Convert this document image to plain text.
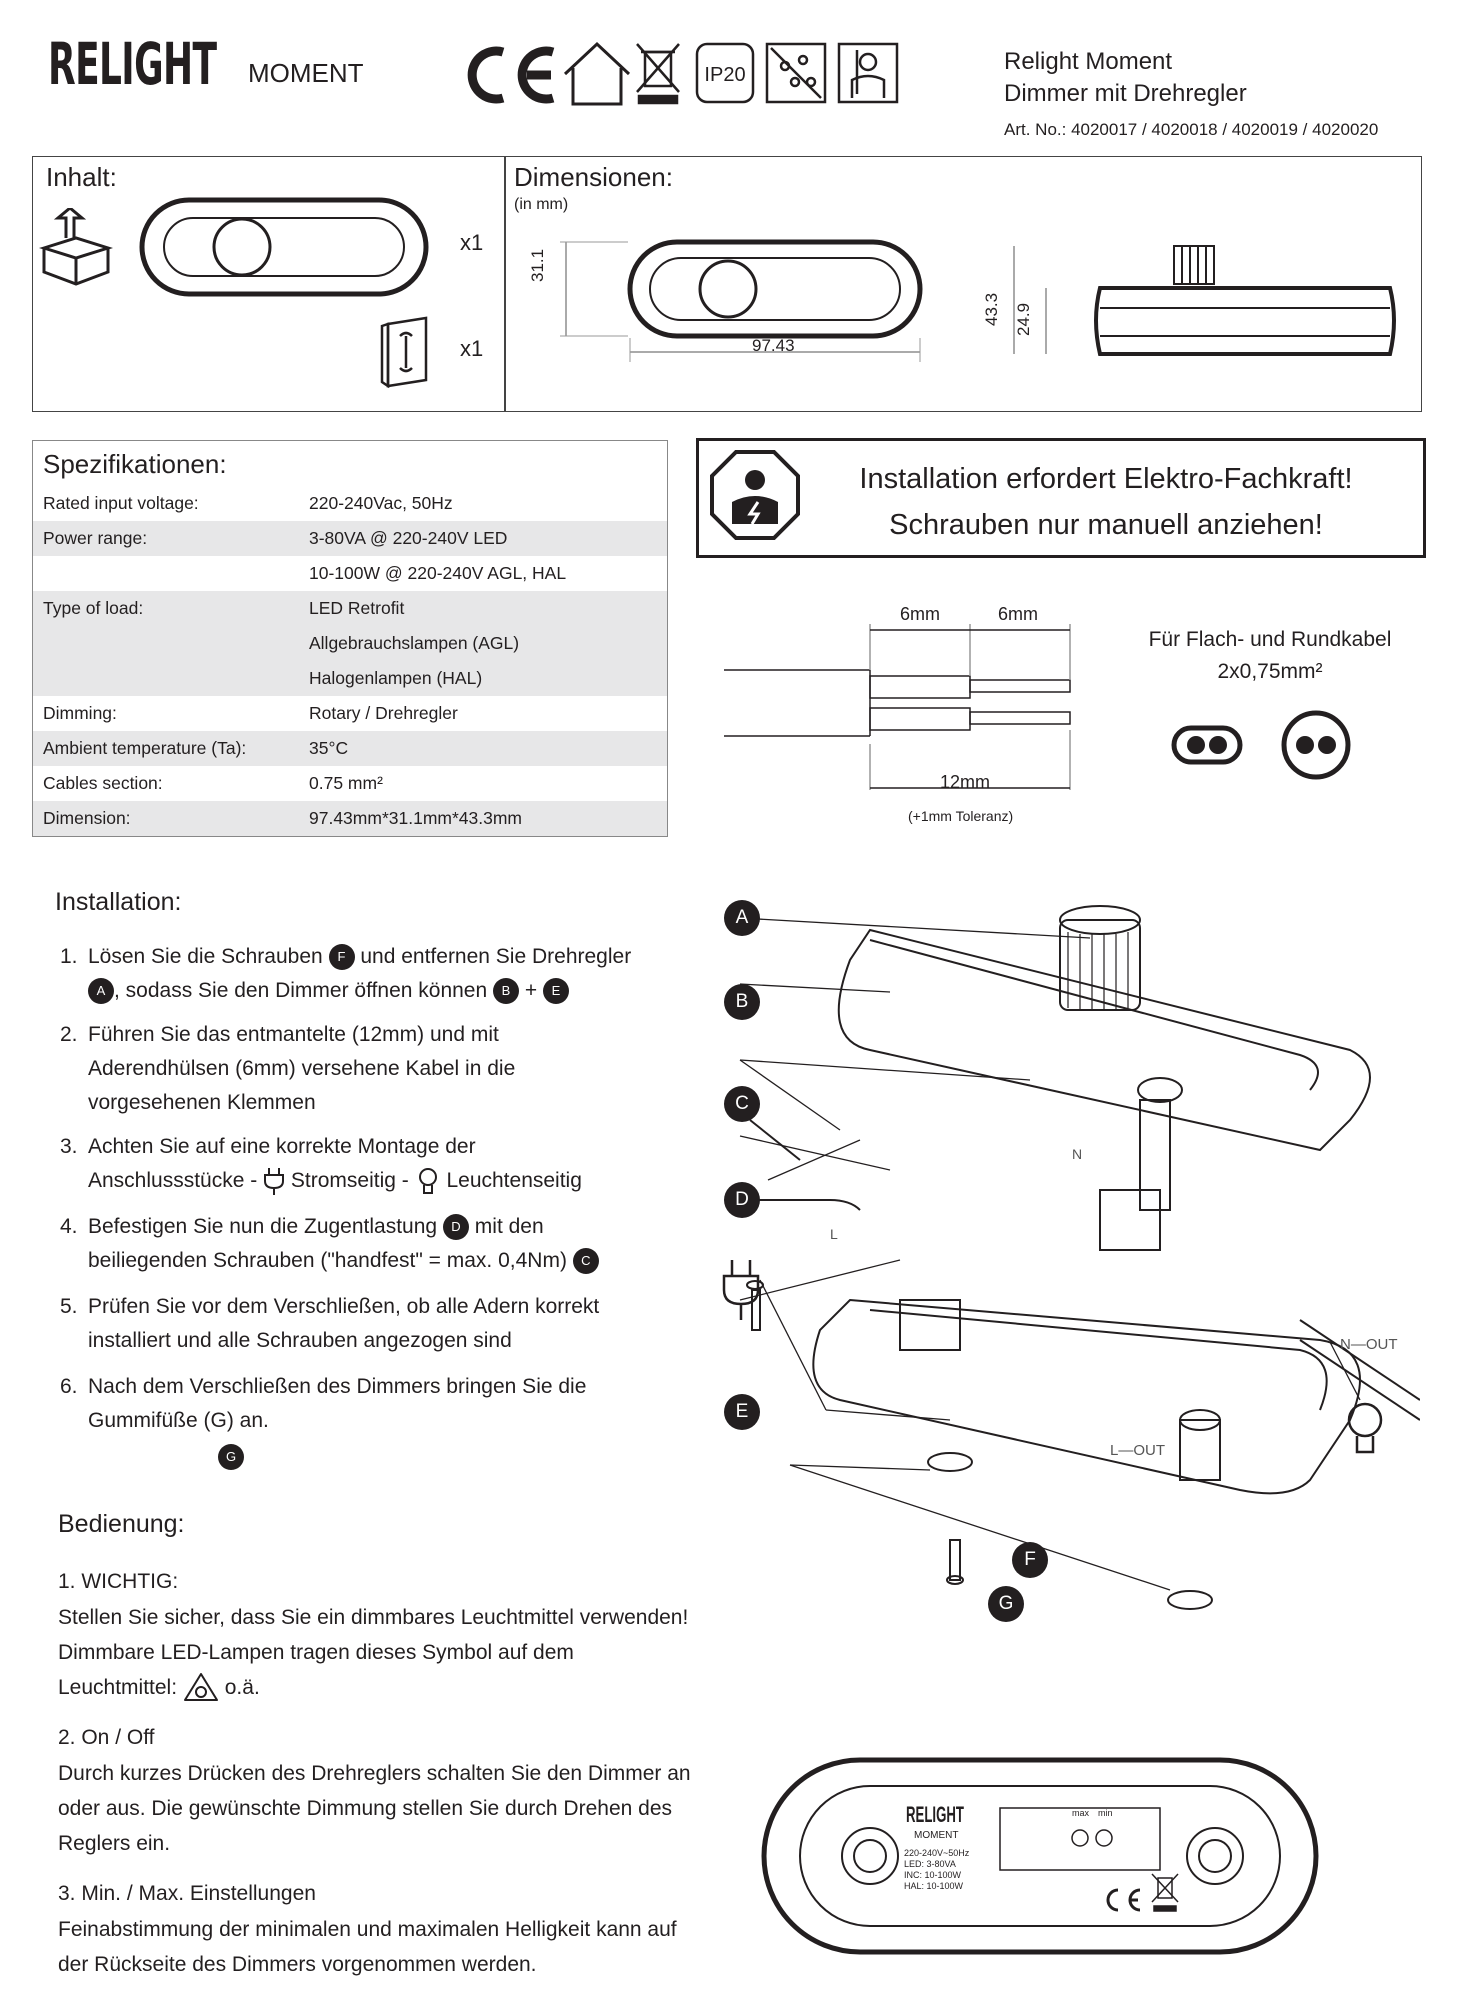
RELIGHT MOMENT	IP20	Relight Moment
Dimmer mit Drehregler
Art. No.: 4020017 / 4020018 / 4020019 / 4020020
Inhalt:
x1
x1
Dimensionen:
(in mm)
31.1
97.43
43.3 24.9
Spezifikationen:
Rated input voltage:	220-240Vac, 50Hz
Power range:	3-80VA @ 220-240V LED
10-100W @ 220-240V AGL, HAL
Type of load:	LED Retrofit
Allgebrauchslampen (AGL)
Halogenlampen (HAL)
Dimming:	Rotary / Drehregler
Ambient temperature (Ta):	35°C
Cables section:	0.75 mm²
Dimension:	97.43mm*31.1mm*43.3mm
Installation erfordert Elektro-Fachkraft!
Schrauben nur manuell anziehen!
6mm	6mm
12mm
(+1mm Toleranz)
Für Flach- und Rundkabel
2x0,75mm²
Installation:
1. Lösen Sie die Schrauben F und entfernen Sie Drehregler
A , sodass Sie den Dimmer öffnen können B + E
2. Führen Sie das entmantelte (12mm) und mit Aderendhülsen (6mm) versehene Kabel in die vorgesehenen Klemmen
3. Achten Sie auf eine korrekte Montage der
Anschlussstücke - Stromseitig - Leuchtenseitig
4. Befestigen Sie nun die Zugentlastung D mit den
beiliegenden Schrauben ("handfest" = max. 0,4Nm) C
5. Prüfen Sie vor dem Verschließen, ob alle Adern korrekt installiert und alle Schrauben angezogen sind
6. Nach dem Verschließen des Dimmers bringen Sie die Gummifüße (G) an.
G
A
B
C
D
E
F
G
N
L
N—OUT
L—OUT
Bedienung:
1. WICHTIG:
Stellen Sie sicher, dass Sie ein dimmbares Leuchtmittel verwenden! Dimmbare LED-Lampen tragen dieses Symbol auf dem Leuchtmittel: o.ä.
2. On / Off
Durch kurzes Drücken des Drehreglers schalten Sie den Dimmer an oder aus. Die gewünschte Dimmung stellen Sie durch Drehen des Reglers ein.
3. Min. / Max. Einstellungen
Feinabstimmung der minimalen und maximalen Helligkeit kann auf der Rückseite des Dimmers vorgenommen werden.
RELIGHT
MOMENT
220-240V~50Hz
LED: 3-80VA
INC: 10-100W
HAL: 10-100W
max min
